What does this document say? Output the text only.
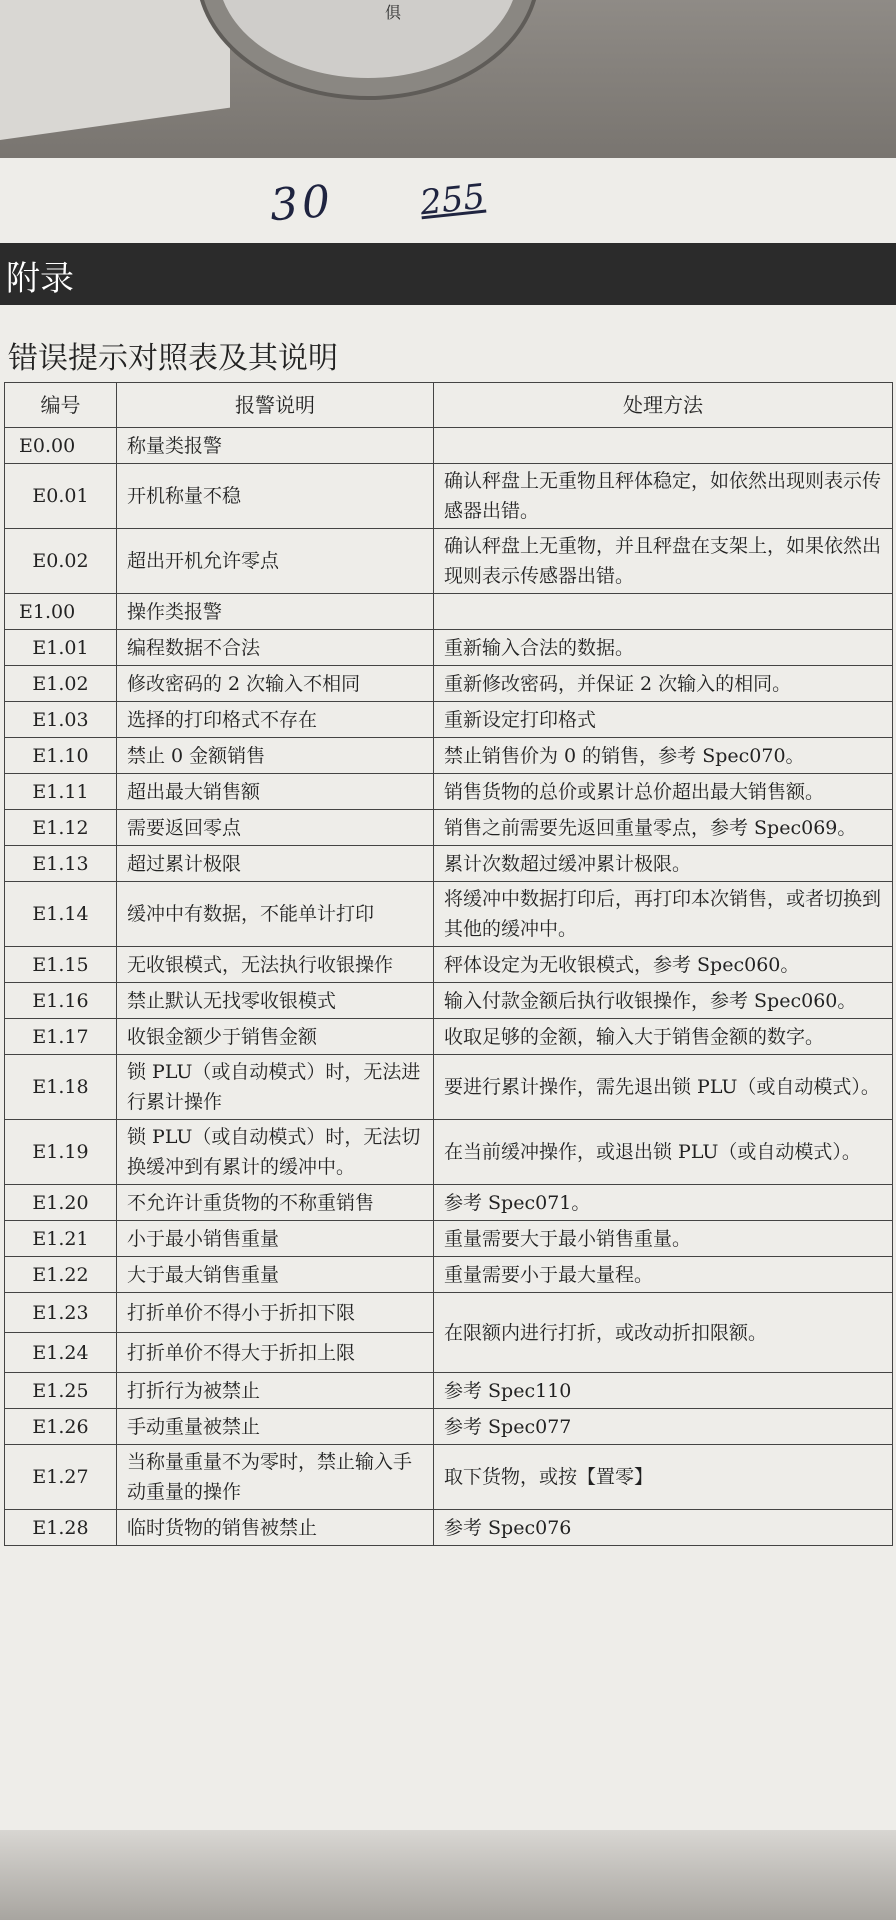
俱
30 255
附录
错误提示对照表及其说明
编号	报警说明	处理方法
E0.00	称量类报警	
E0.01	开机称量不稳	确认秤盘上无重物且秤体稳定，如依然出现则表示传感器出错。
E0.02	超出开机允许零点	确认秤盘上无重物，并且秤盘在支架上，如果依然出现则表示传感器出错。
E1.00	操作类报警	
E1.01	编程数据不合法	重新输入合法的数据。
E1.02	修改密码的 2 次输入不相同	重新修改密码，并保证 2 次输入的相同。
E1.03	选择的打印格式不存在	重新设定打印格式
E1.10	禁止 0 金额销售	禁止销售价为 0 的销售，参考 Spec070。
E1.11	超出最大销售额	销售货物的总价或累计总价超出最大销售额。
E1.12	需要返回零点	销售之前需要先返回重量零点，参考 Spec069。
E1.13	超过累计极限	累计次数超过缓冲累计极限。
E1.14	缓冲中有数据，不能单计打印	将缓冲中数据打印后，再打印本次销售，或者切换到其他的缓冲中。
E1.15	无收银模式，无法执行收银操作	秤体设定为无收银模式，参考 Spec060。
E1.16	禁止默认无找零收银模式	输入付款金额后执行收银操作，参考 Spec060。
E1.17	收银金额少于销售金额	收取足够的金额，输入大于销售金额的数字。
E1.18	锁 PLU（或自动模式）时，无法进行累计操作	要进行累计操作，需先退出锁 PLU（或自动模式）。
E1.19	锁 PLU（或自动模式）时，无法切换缓冲到有累计的缓冲中。	在当前缓冲操作，或退出锁 PLU（或自动模式）。
E1.20	不允许计重货物的不称重销售	参考 Spec071。
E1.21	小于最小销售重量	重量需要大于最小销售重量。
E1.22	大于最大销售重量	重量需要小于最大量程。
E1.23	打折单价不得小于折扣下限	在限额内进行打折，或改动折扣限额。
E1.24	打折单价不得大于折扣上限	
E1.25	打折行为被禁止	参考 Spec110
E1.26	手动重量被禁止	参考 Spec077
E1.27	当称量重量不为零时，禁止输入手动重量的操作	取下货物，或按【置零】
E1.28	临时货物的销售被禁止	参考 Spec076
